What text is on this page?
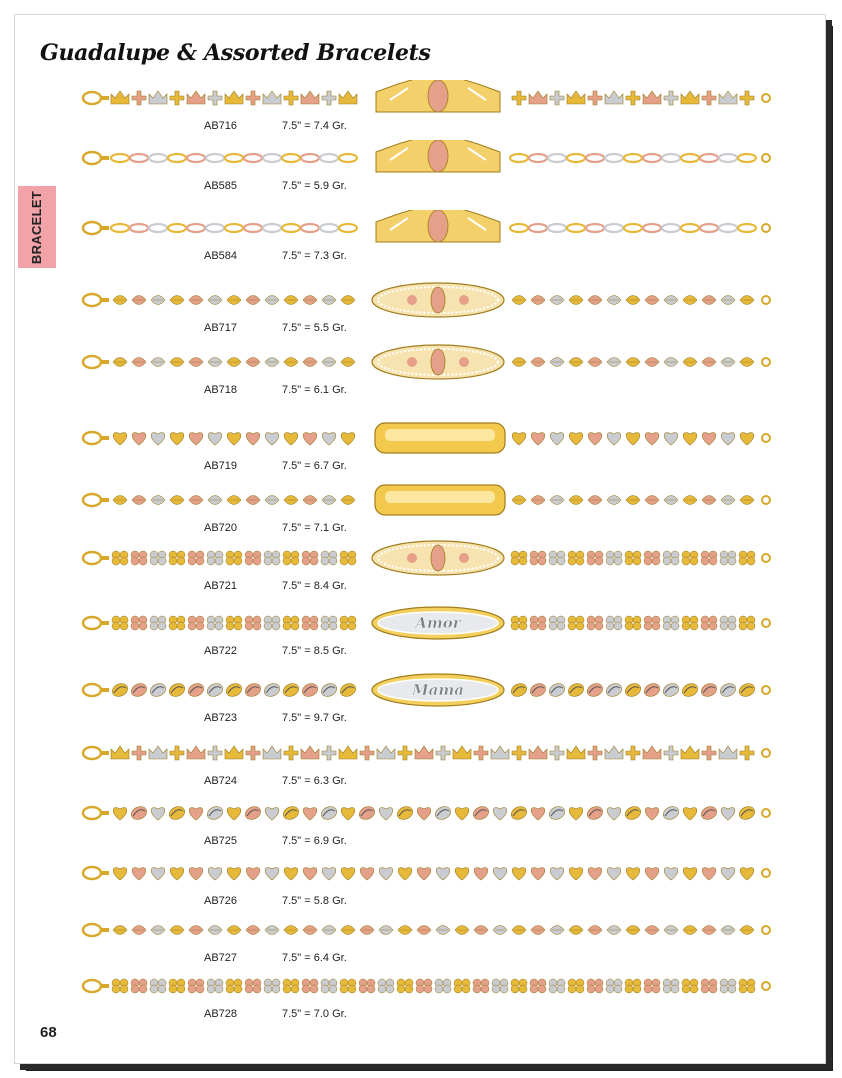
Guadalupe & Assorted Bracelets
BRACELET
AB716	7.5" = 7.4 Gr.
AB585	7.5" = 5.9 Gr.
AB584	7.5" = 7.3 Gr.
AB717	7.5" = 5.5 Gr.
AB718	7.5" = 6.1 Gr.
AB719	7.5" = 6.7 Gr.
AB720	7.5" = 7.1 Gr.
AB721	7.5" = 8.4 Gr.
Amor
AB722	7.5" = 8.5 Gr.
Mama
AB723	7.5" = 9.7 Gr.
AB724	7.5" = 6.3 Gr.
AB725	7.5" = 6.9 Gr.
AB726	7.5" = 5.8 Gr.
AB727	7.5" = 6.4 Gr.
AB728	7.5" = 7.0 Gr.
68
